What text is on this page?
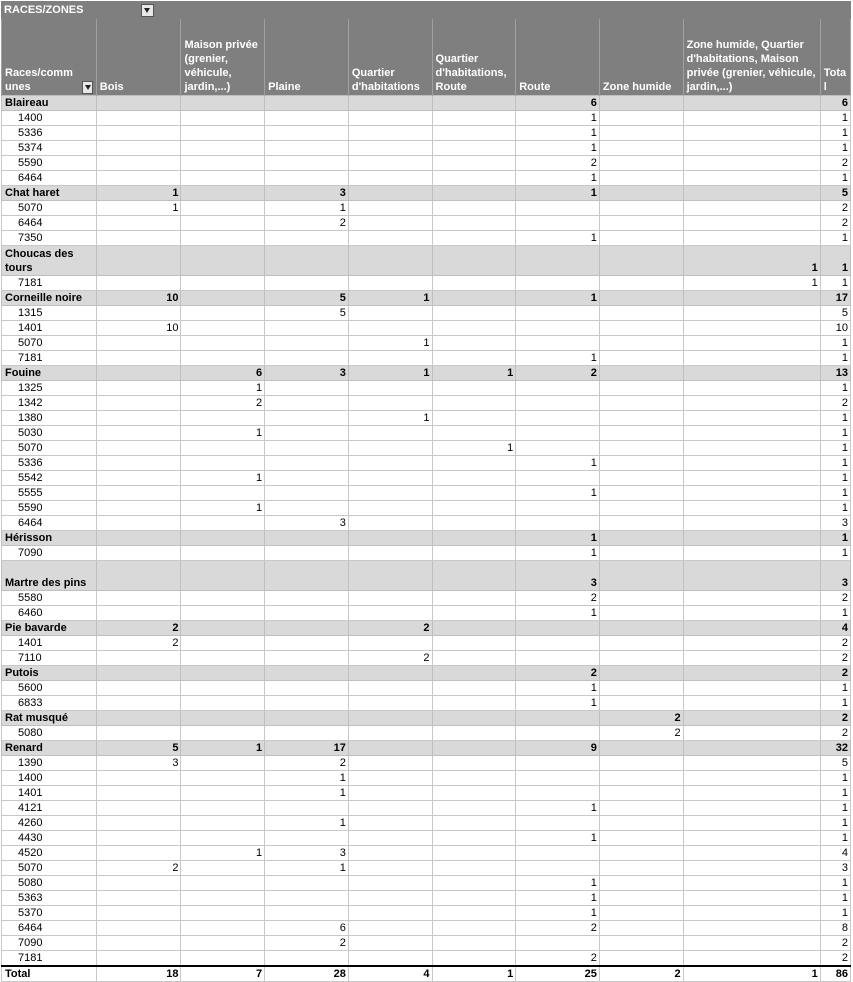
RACES/ZONES									

Races/communes	Bois	Maison privée (grenier, véhicule, jardin,...)	Plaine	Quartier d'habitations	Quartier d'habitations, Route	Route	Zone humide	Zone humide, Quartier d'habitations, Maison privée (grenier, véhicule, jardin,...)	Total
Blaireau						6			6
1400						1			1
5336						1			1
5374						1			1
5590						2			2
6464						1			1
Chat haret	1		3			1			5
5070	1		1						2
6464			2						2
7350						1			1
Choucas des tours								1	1
7181								1	1
Corneille noire	10		5	1		1			17
1315			5						5
1401	10								10
5070				1					1
7181						1			1
Fouine		6	3	1	1	2			13
1325		1							1
1342		2							2
1380				1					1
5030		1							1
5070					1				1
5336						1			1
5542		1							1
5555						1			1
5590		1							1
6464			3						3
Hérisson						1			1
7090						1			1
Martre des pins						3			3
5580						2			2
6460						1			1
Pie bavarde	2			2					4
1401	2								2
7110				2					2
Putois						2			2
5600						1			1
6833						1			1
Rat musqué							2		2
5080							2		2
Renard	5	1	17			9			32
1390	3		2						5
1400			1						1
1401			1						1
4121						1			1
4260			1						1
4430						1			1
4520		1	3						4
5070	2		1						3
5080						1			1
5363						1			1
5370						1			1
6464			6			2			8
7090			2						2
7181						2			2
Total	18	7	28	4	1	25	2	1	86
